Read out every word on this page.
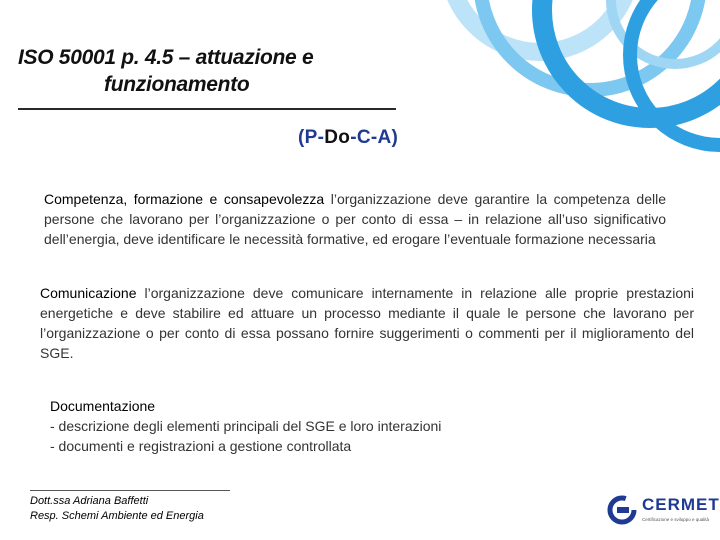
ISO 50001 p. 4.5 – attuazione e
funzionamento
(P-Do-C-A)
Competenza, formazione e consapevolezza l’organizzazione deve garantire la competenza delle persone che lavorano per l’organizzazione o per conto di essa – in relazione all’uso significativo dell’energia, deve identificare le necessità formative, ed erogare l’eventuale formazione necessaria
Comunicazione l’organizzazione deve comunicare internamente in relazione alle proprie prestazioni energetiche e deve stabilire ed attuare un processo mediante il quale le persone che lavorano per l’organizzazione o per conto di essa possano fornire suggerimenti o commenti per il miglioramento del SGE.
Documentazione
- descrizione degli elementi principali del SGE e loro interazioni
- documenti e registrazioni a gestione controllata
Dott.ssa Adriana Baffetti
Resp. Schemi Ambiente ed Energia
CERMET
Certificazione e sviluppo e qualità
